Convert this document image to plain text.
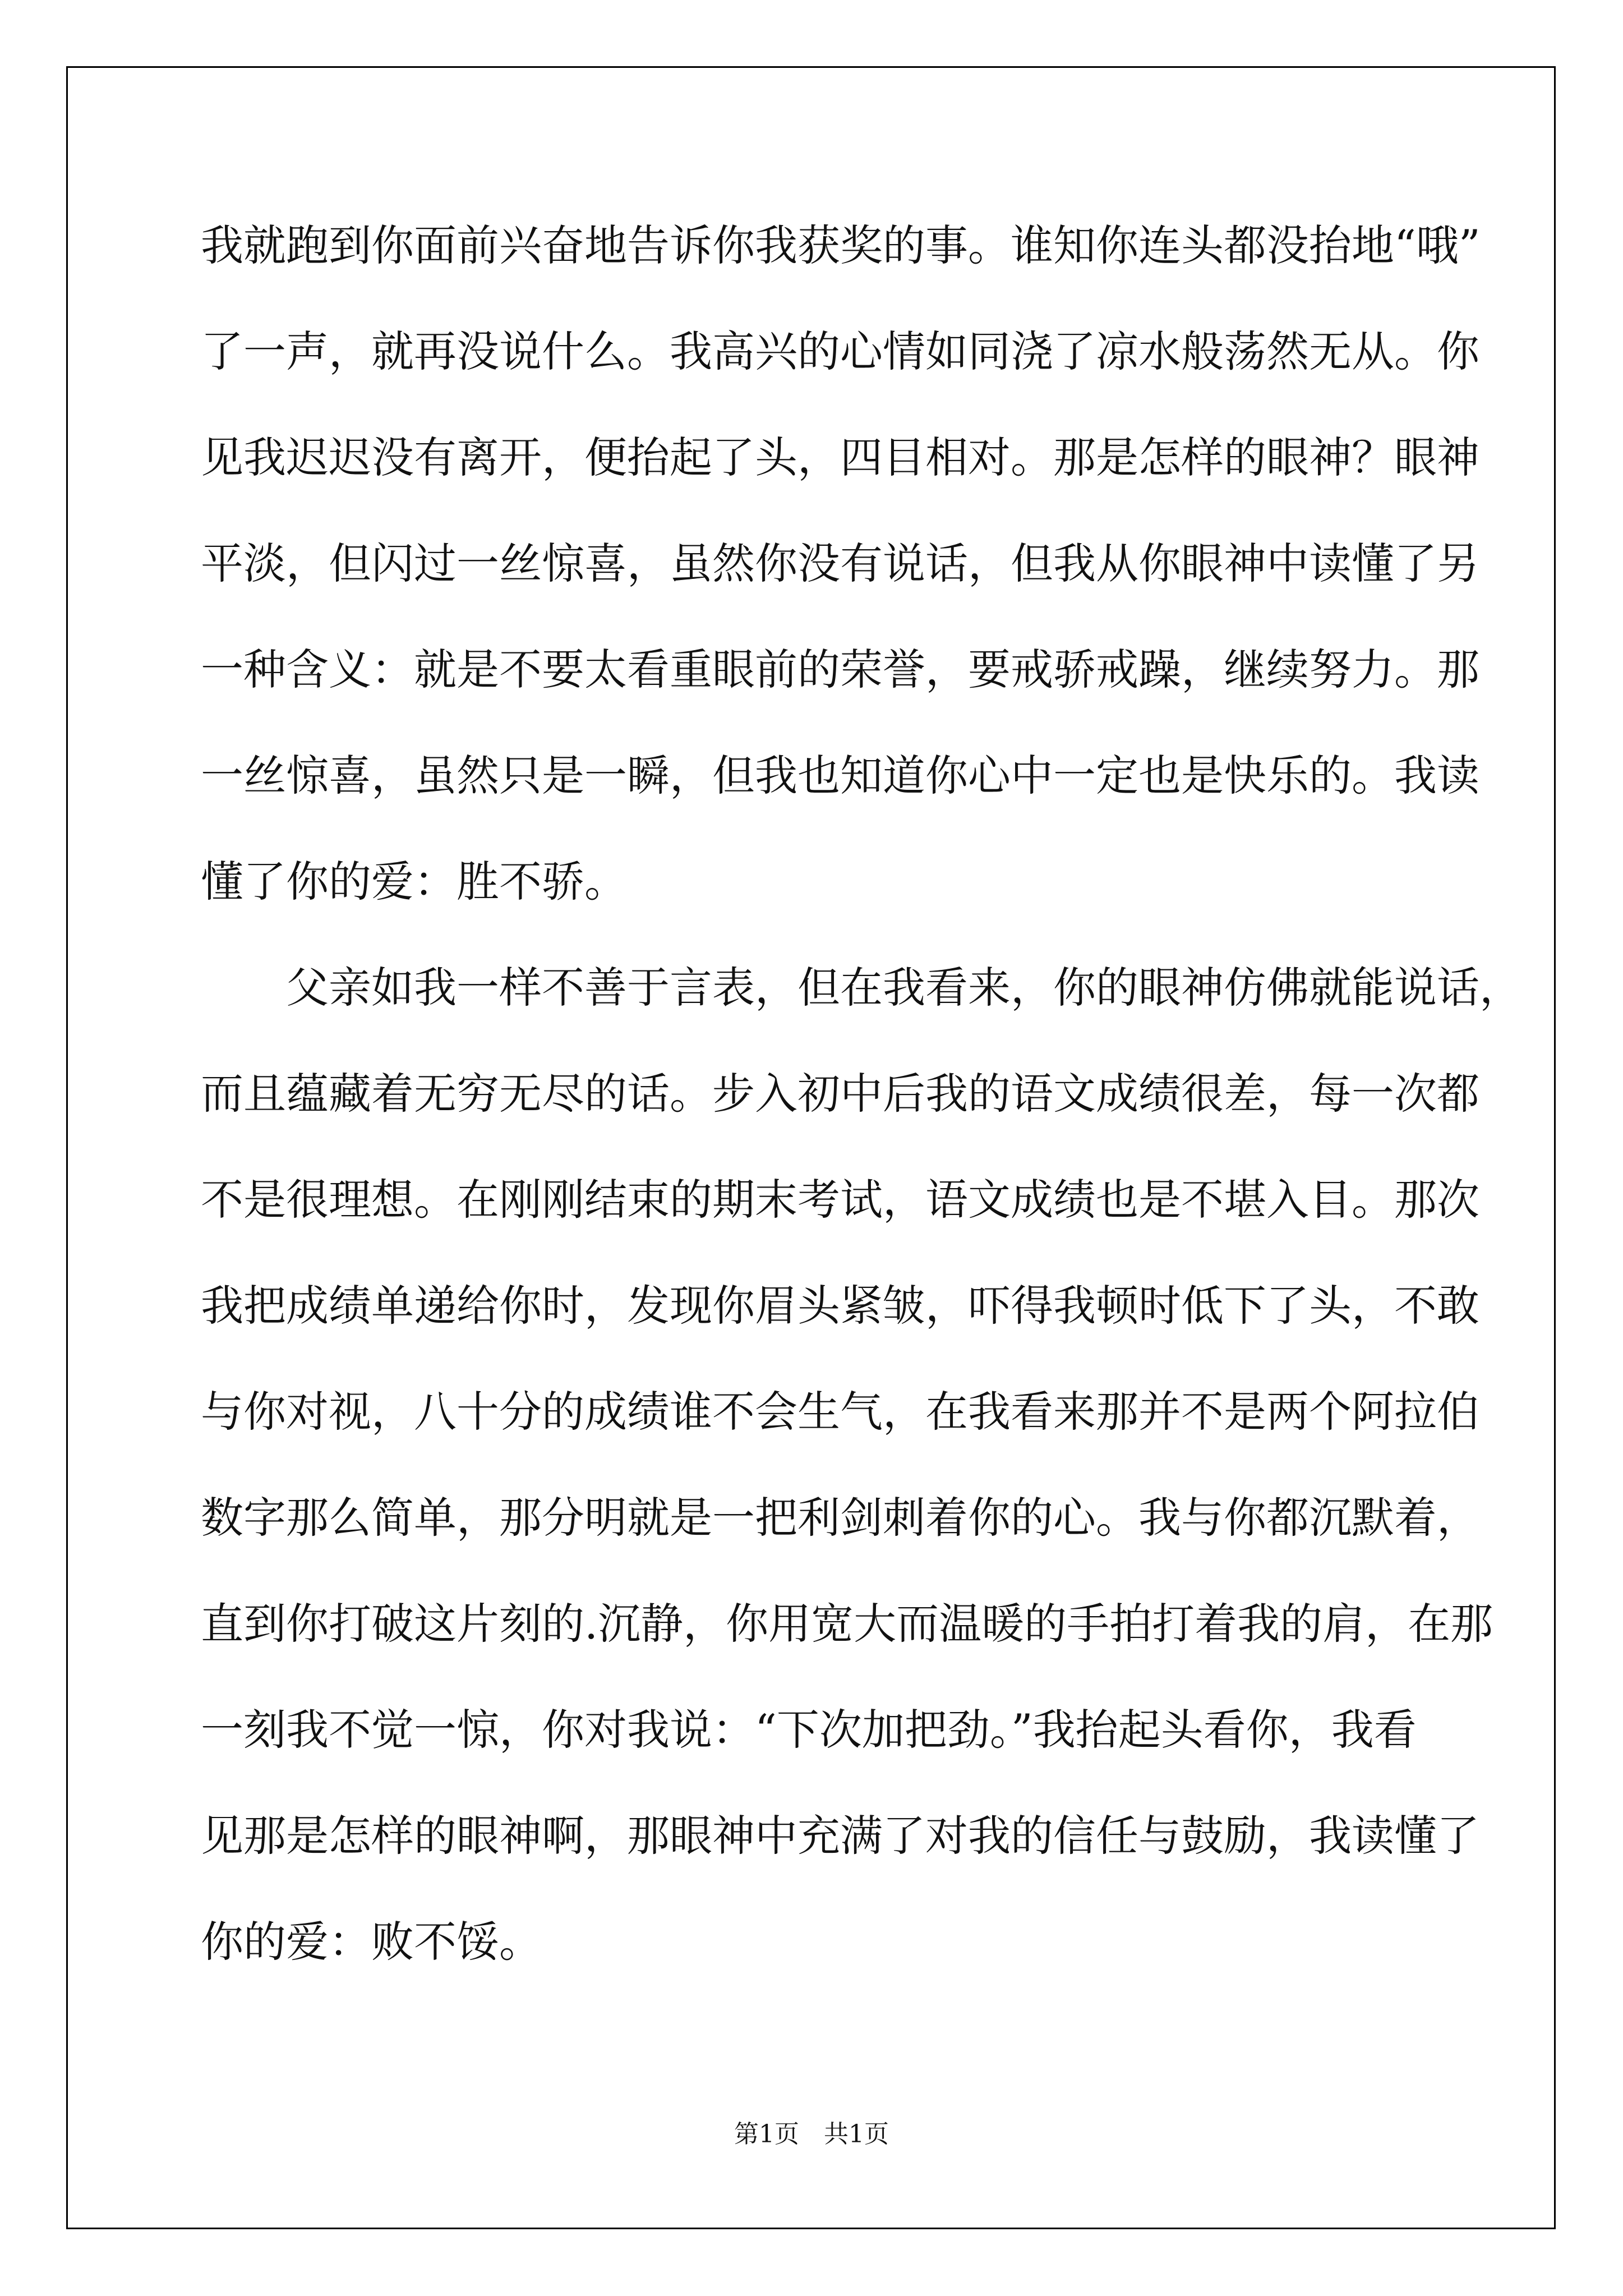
我就跑到你面前兴奋地告诉你我获奖的事。谁知你连头都没抬地“哦”
了一声，就再没说什么。我高兴的心情如同浇了凉水般荡然无从。你
见我迟迟没有离开，便抬起了头，四目相对。那是怎样的眼神？眼神
平淡，但闪过一丝惊喜，虽然你没有说话，但我从你眼神中读懂了另
一种含义：就是不要太看重眼前的荣誉，要戒骄戒躁，继续努力。那
一丝惊喜，虽然只是一瞬，但我也知道你心中一定也是快乐的。我读
懂了你的爱：胜不骄。
　　父亲如我一样不善于言表，但在我看来，你的眼神仿佛就能说话，
而且蕴藏着无穷无尽的话。步入初中后我的语文成绩很差，每一次都
不是很理想。在刚刚结束的期末考试，语文成绩也是不堪入目。那次
我把成绩单递给你时，发现你眉头紧皱，吓得我顿时低下了头，不敢
与你对视，八十分的成绩谁不会生气，在我看来那并不是两个阿拉伯
数字那么简单，那分明就是一把利剑刺着你的心。我与你都沉默着，
直到你打破这片刻的.沉静，你用宽大而温暖的手拍打着我的肩，在那
一刻我不觉一惊，你对我说：“下次加把劲。”我抬起头看你，我看
见那是怎样的眼神啊，那眼神中充满了对我的信任与鼓励，我读懂了
你的爱：败不馁。
第1页　共1页
